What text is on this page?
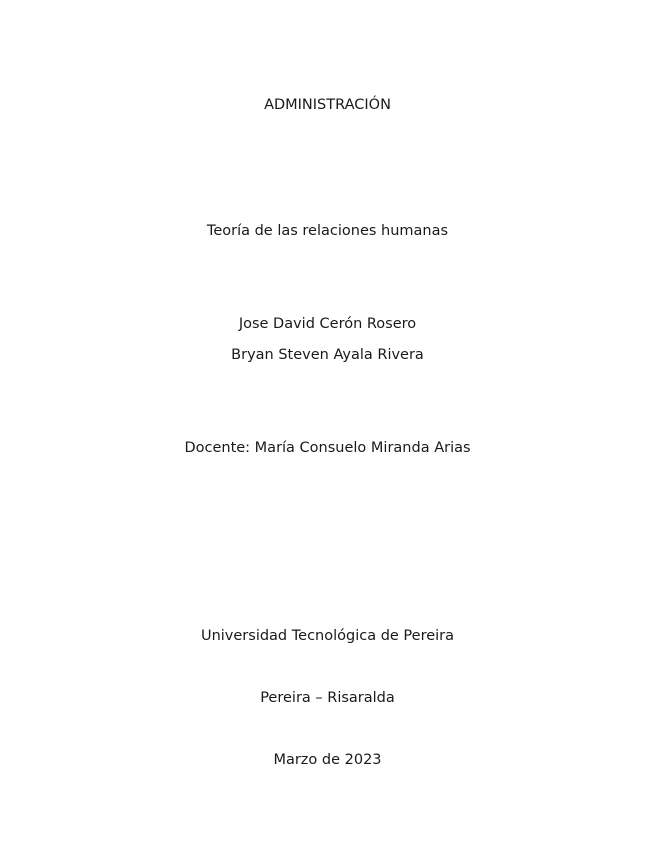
ADMINISTRACIÓN
Teoría de las relaciones humanas
Jose David Cerón Rosero
Bryan Steven Ayala Rivera
Docente: María Consuelo Miranda Arias
Universidad Tecnológica de Pereira
Pereira – Risaralda
Marzo de 2023
